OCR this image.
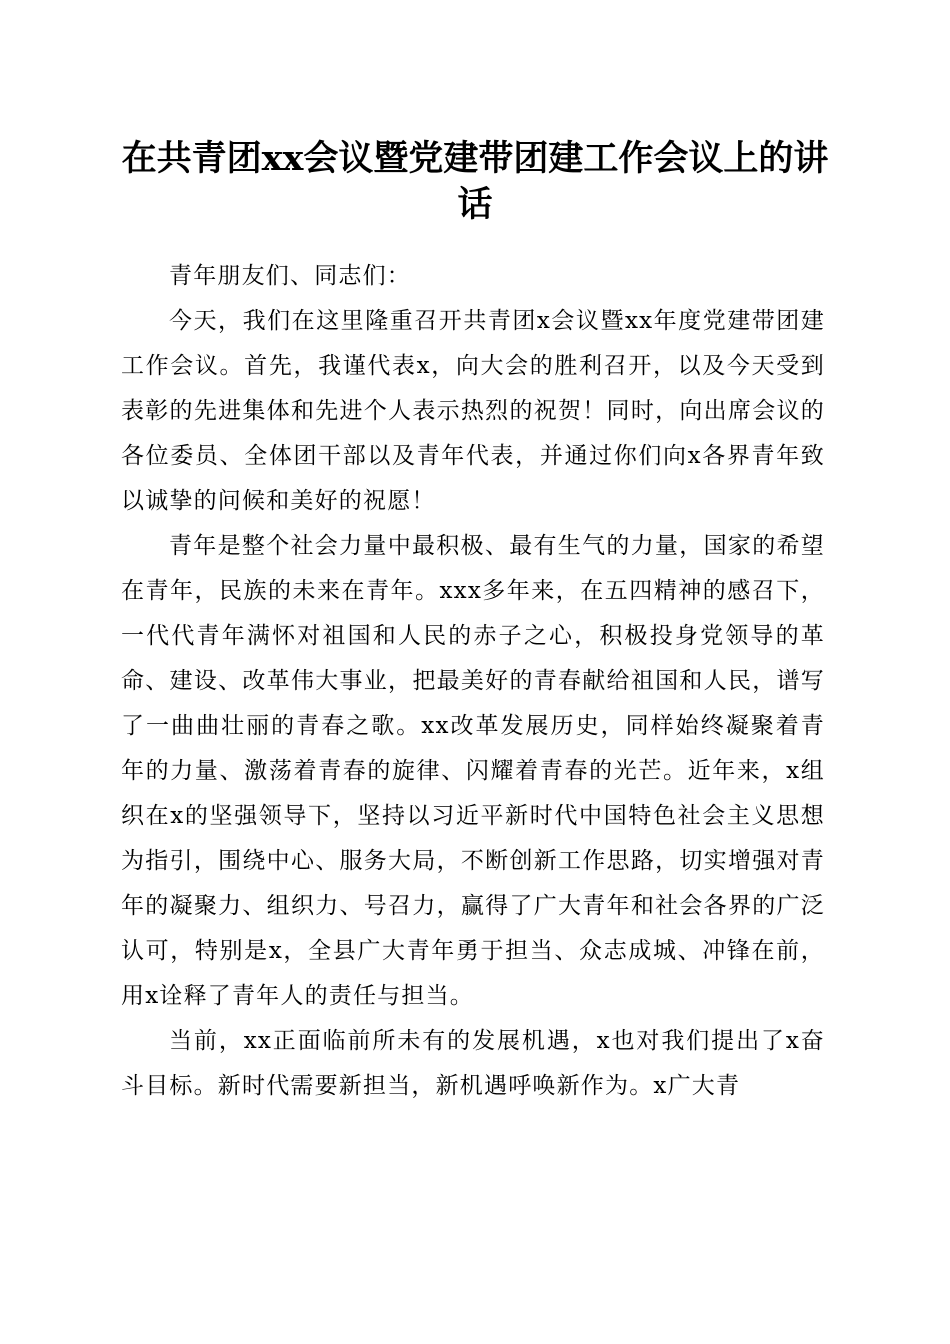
在共青团xx会议暨党建带团建工作会议上的讲话

青年朋友们、同志们：

今天，我们在这里隆重召开共青团x会议暨xx年度党建带团建工作会议。首先，我谨代表x，向大会的胜利召开，以及今天受到表彰的先进集体和先进个人表示热烈的祝贺！同时，向出席会议的各位委员、全体团干部以及青年代表，并通过你们向x各界青年致以诚挚的问候和美好的祝愿！

青年是整个社会力量中最积极、最有生气的力量，国家的希望在青年，民族的未来在青年。xxx多年来，在五四精神的感召下，一代代青年满怀对祖国和人民的赤子之心，积极投身党领导的革命、建设、改革伟大事业，把最美好的青春献给祖国和人民，谱写了一曲曲壮丽的青春之歌。xx改革发展历史，同样始终凝聚着青年的力量、激荡着青春的旋律、闪耀着青春的光芒。近年来，x组织在x的坚强领导下，坚持以习近平新时代中国特色社会主义思想为指引，围绕中心、服务大局，不断创新工作思路，切实增强对青年的凝聚力、组织力、号召力，赢得了广大青年和社会各界的广泛认可，特别是x，全县广大青年勇于担当、众志成城、冲锋在前，用x诠释了青年人的责任与担当。

当前，xx正面临前所未有的发展机遇，x也对我们提出了x奋斗目标。新时代需要新担当，新机遇呼唤新作为。x广大青
